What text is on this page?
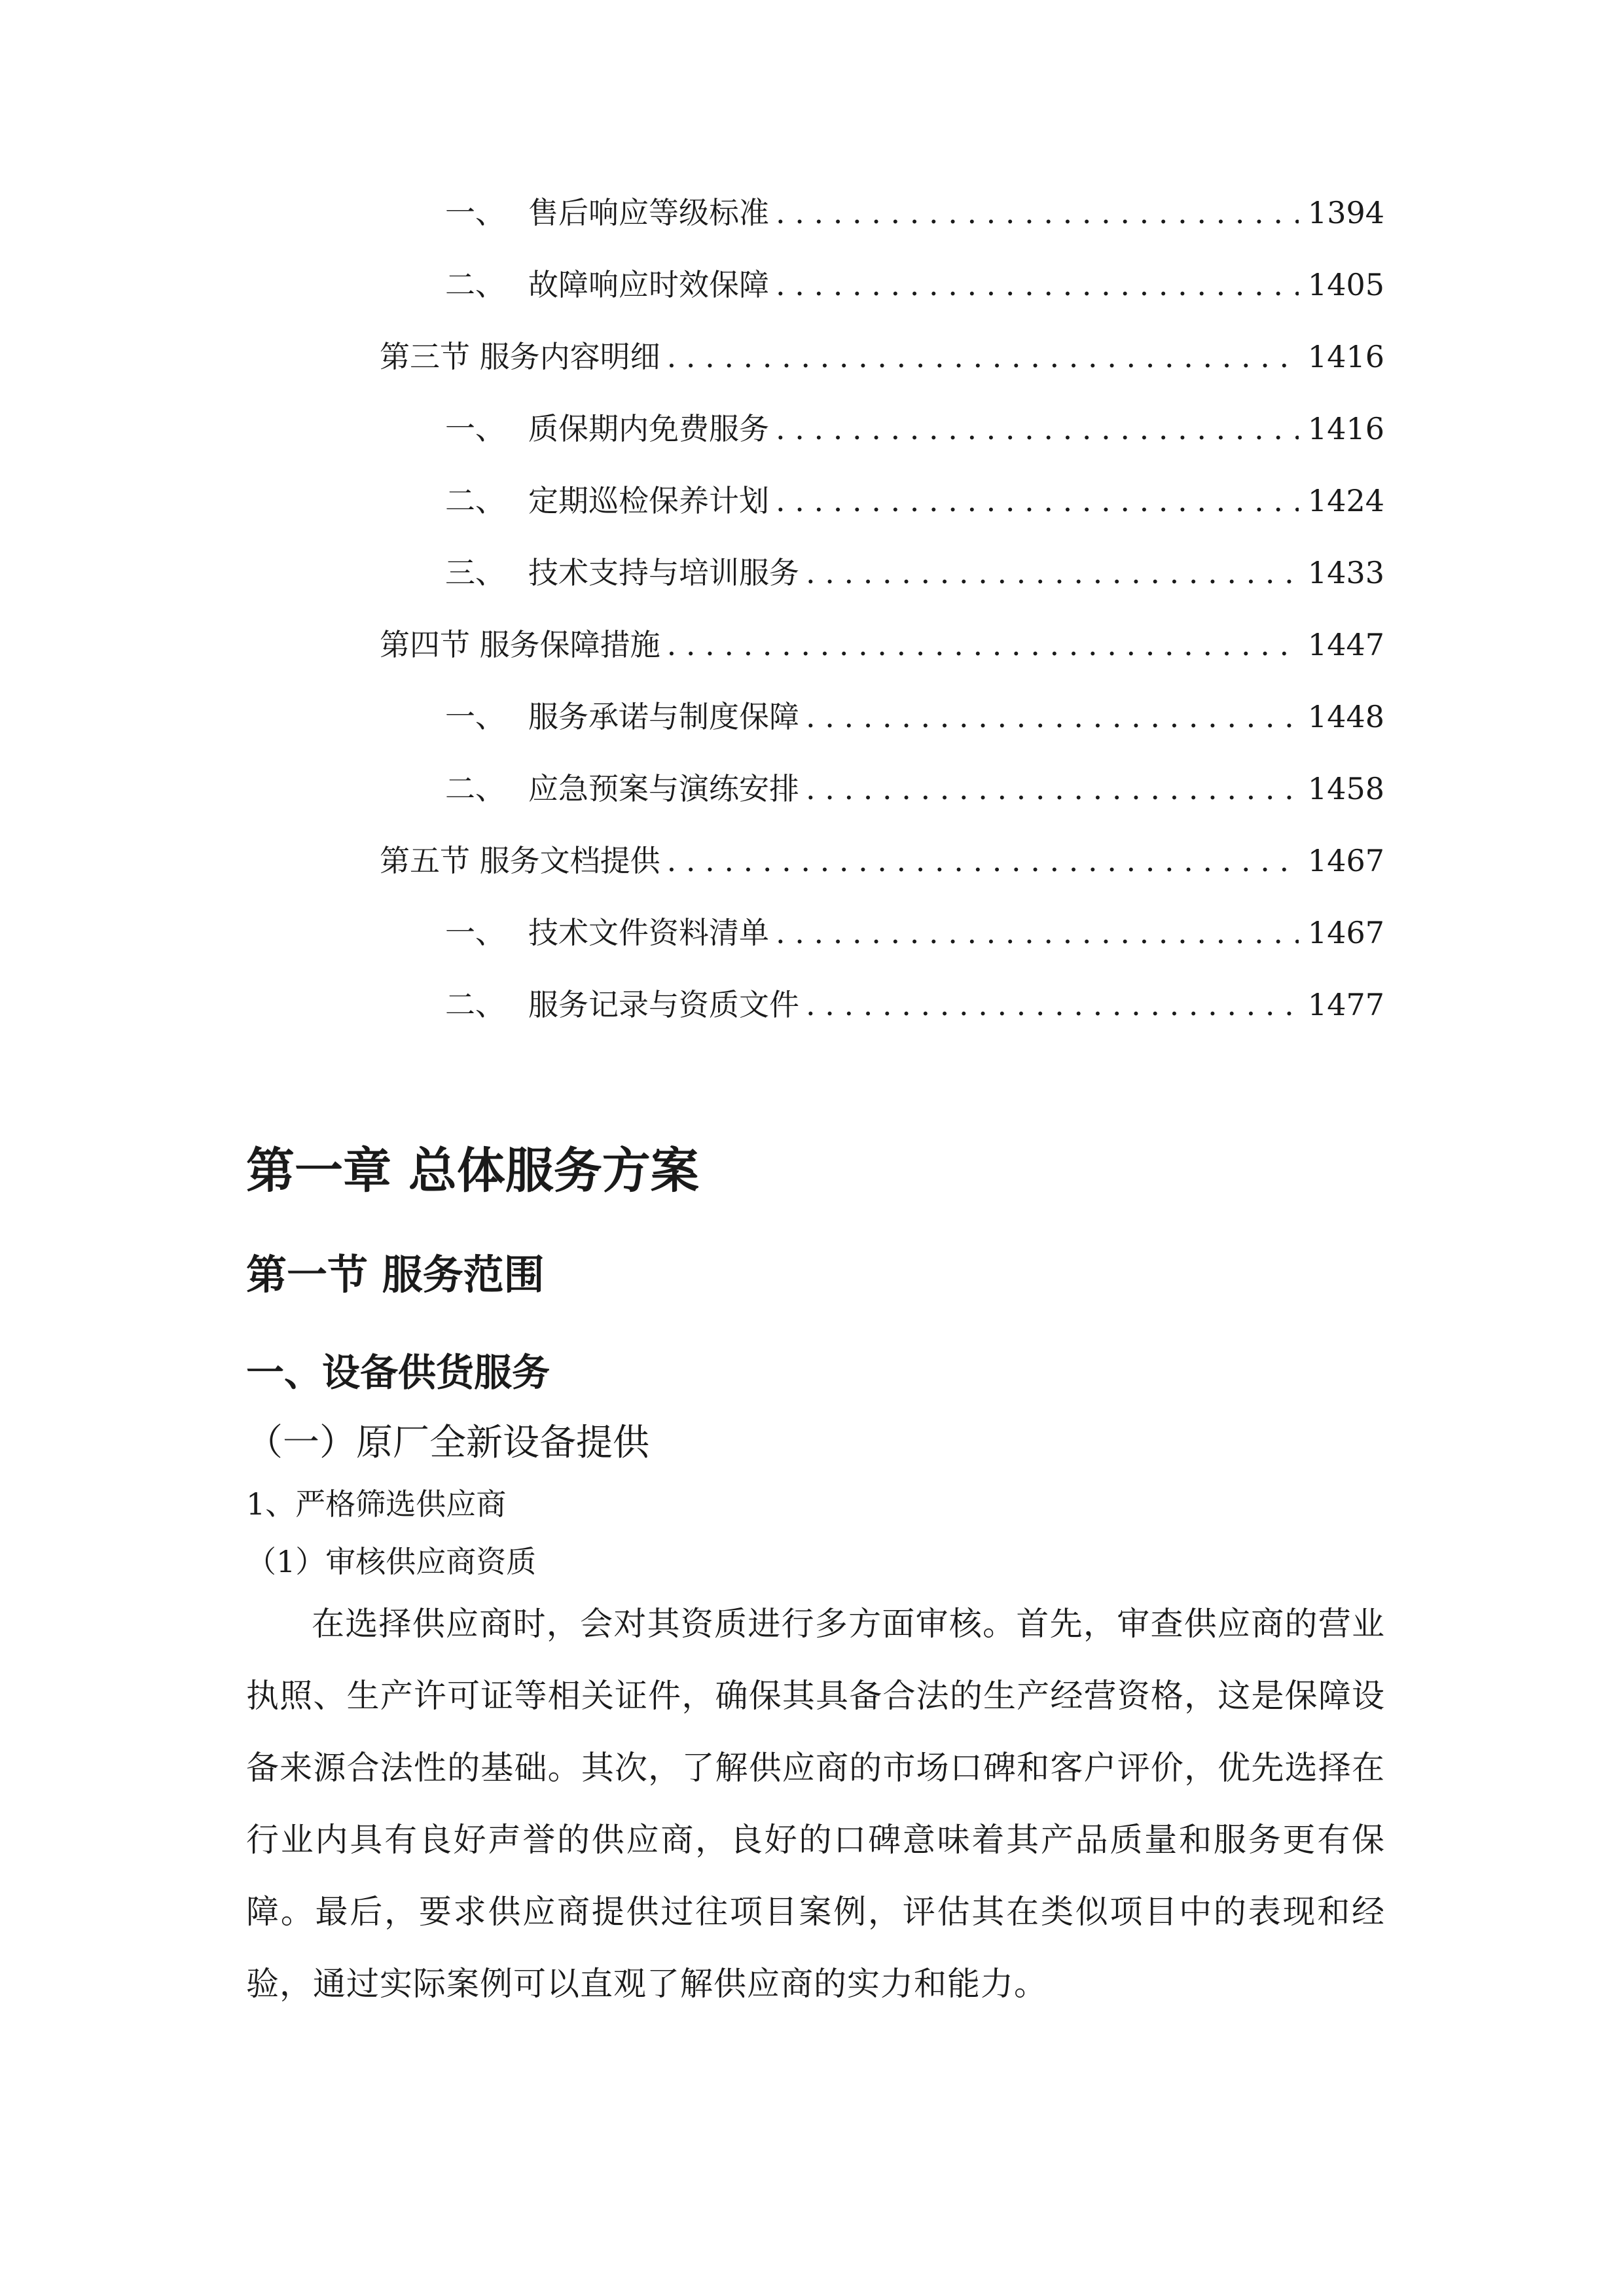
一、 售后响应等级标准 . . .	1394
二、 故障响应时效保障 . . .	1405
第三节 服务内容明细 . . .	1416
一、 质保期内免费服务 . . .	1416
二、 定期巡检保养计划 . . .	1424
三、 技术支持与培训服务 . . .	1433
第四节 服务保障措施 . . .	1447
一、 服务承诺与制度保障 . . .	1448
二、 应急预案与演练安排 . . .	1458
第五节 服务文档提供 . . .	1467
一、 技术文件资料清单 . . .	1467
二、 服务记录与资质文件 . . .	1477
第一章 总体服务方案
第一节 服务范围
一、设备供货服务
（一）原厂全新设备提供
1、严格筛选供应商
（1）审核供应商资质
在选择供应商时，会对其资质进行多方面审核。首先，审查供应商的营业执照、生产许可证等相关证件，确保其具备合法的生产经营资格，这是保障设备来源合法性的基础。其次，了解供应商的市场口碑和客户评价，优先选择在行业内具有良好声誉的供应商，良好的口碑意味着其产品质量和服务更有保障。最后，要求供应商提供过往项目案例，评估其在类似项目中的表现和经验，通过实际案例可以直观了解供应商的实力和能力。
